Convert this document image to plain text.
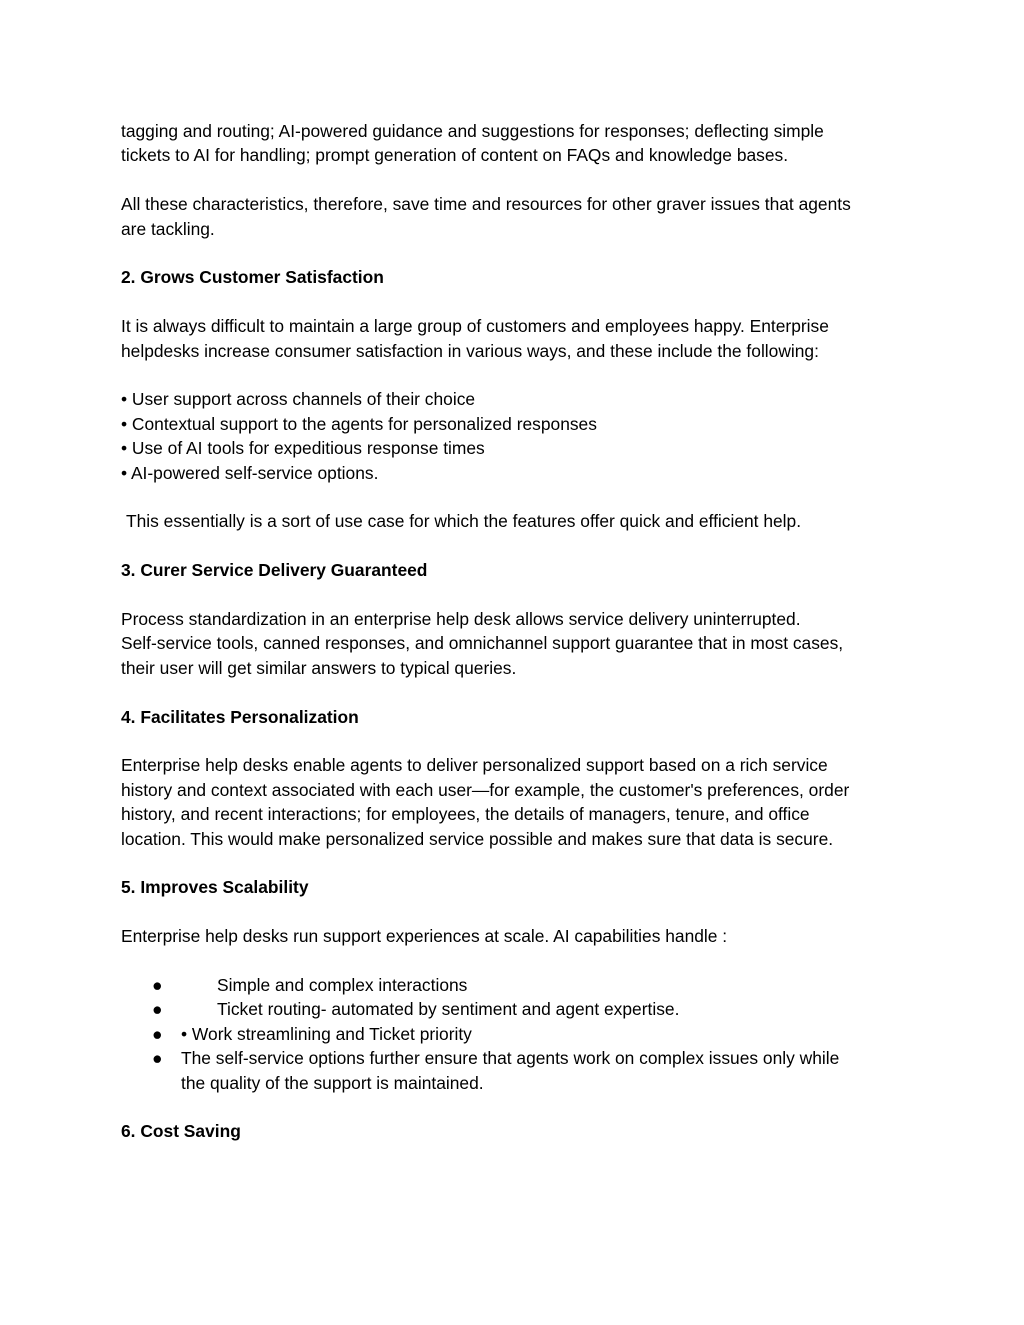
tagging and routing; AI-powered guidance and suggestions for responses; deflecting simple
tickets to AI for handling; prompt generation of content on FAQs and knowledge bases.
All these characteristics, therefore, save time and resources for other graver issues that agents
are tackling.
2. Grows Customer Satisfaction
It is always difficult to maintain a large group of customers and employees happy. Enterprise
helpdesks increase consumer satisfaction in various ways, and these include the following:
• User support across channels of their choice
• Contextual support to the agents for personalized responses
• Use of AI tools for expeditious response times
• AI-powered self-service options.
This essentially is a sort of use case for which the features offer quick and efficient help.
3. Curer Service Delivery Guaranteed
Process standardization in an enterprise help desk allows service delivery uninterrupted.
Self-service tools, canned responses, and omnichannel support guarantee that in most cases,
their user will get similar answers to typical queries.
4. Facilitates Personalization
Enterprise help desks enable agents to deliver personalized support based on a rich service
history and context associated with each user—for example, the customer's preferences, order
history, and recent interactions; for employees, the details of managers, tenure, and office
location. This would make personalized service possible and makes sure that data is secure.
5. Improves Scalability
Enterprise help desks run support experiences at scale. AI capabilities handle :
●	Simple and complex interactions
●	Ticket routing- automated by sentiment and agent expertise.
● • Work streamlining and Ticket priority
● The self-service options further ensure that agents work on complex issues only while
the quality of the support is maintained.
6. Cost Saving
